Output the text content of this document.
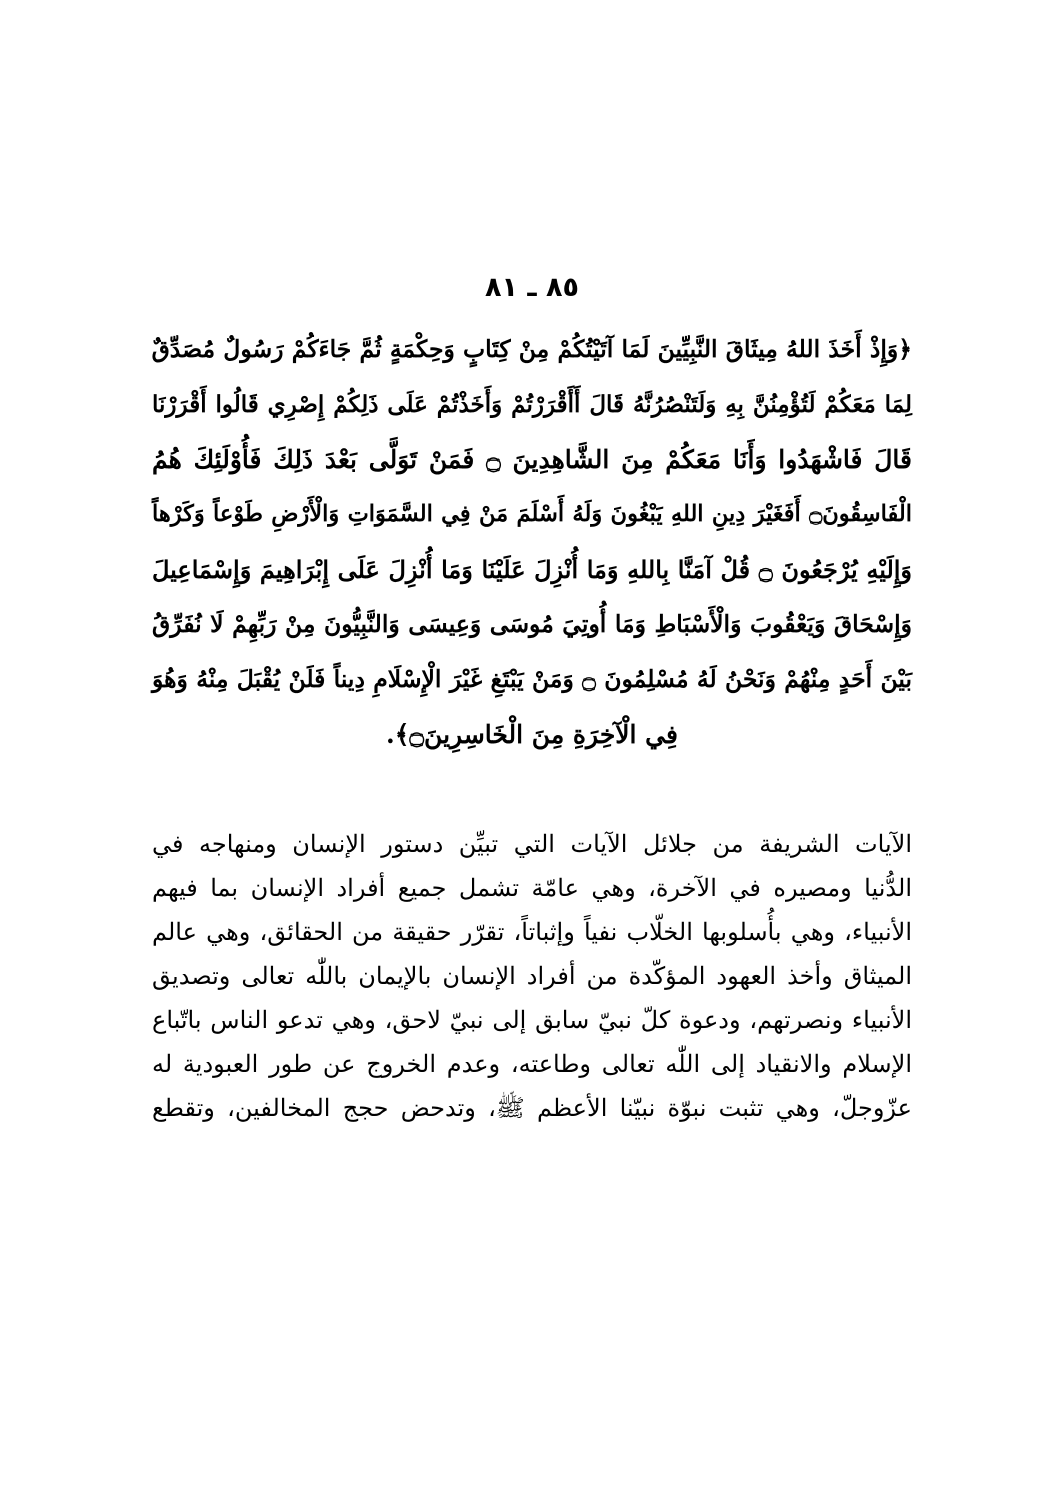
٨٥ ـ ٨١
﴿وَإِذْ أَخَذَ اللهُ مِيثَاقَ النَّبِيِّينَ لَمَا آتَيْتُكُمْ مِنْ كِتَابٍ وَحِكْمَةٍ ثُمَّ جَاءَكُمْ رَسُولٌ مُصَدِّقٌ
لِمَا مَعَكُمْ لَتُؤْمِنُنَّ بِهِ وَلَتَنْصُرُنَّهُ قَالَ أَأَقْرَرْتُمْ وَأَخَذْتُمْ عَلَى ذَلِكُمْ إِصْرِي قَالُوا أَقْرَرْنَا
قَالَ فَاشْهَدُوا وَأَنَا مَعَكُمْ مِنَ الشَّاهِدِينَ ۝ فَمَنْ تَوَلَّى بَعْدَ ذَلِكَ فَأُوْلَئِكَ هُمُ
الْفَاسِقُونَ۝ أَفَغَيْرَ دِينِ اللهِ يَبْغُونَ وَلَهُ أَسْلَمَ مَنْ فِي السَّمَوَاتِ وَالْأَرْضِ طَوْعاً وَكَرْهاً
وَإِلَيْهِ يُرْجَعُونَ ۝ قُلْ آمَنَّا بِاللهِ وَمَا أُنْزِلَ عَلَيْنَا وَمَا أُنْزِلَ عَلَى إِبْرَاهِيمَ وَإِسْمَاعِيلَ
وَإِسْحَاقَ وَيَعْقُوبَ وَالْأَسْبَاطِ وَمَا أُوتِيَ مُوسَى وَعِيسَى وَالنَّبِيُّونَ مِنْ رَبِّهِمْ لَا نُفَرِّقُ
بَيْنَ أَحَدٍ مِنْهُمْ وَنَحْنُ لَهُ مُسْلِمُونَ ۝ وَمَنْ يَبْتَغِ غَيْرَ الْإِسْلَامِ دِيناً فَلَنْ يُقْبَلَ مِنْهُ وَهُوَ
فِي الْآخِرَةِ مِنَ الْخَاسِرِينَ۝﴾.
الآيات الشريفة من جلائل الآيات التي تبيِّن دستور الإنسان ومنهاجه في
الدُّنيا ومصيره في الآخرة، وهي عامّة تشمل جميع أفراد الإنسان بما فيهم
الأنبياء، وهي بأُسلوبها الخلّاب نفياً وإثباتاً، تقرّر حقيقة من الحقائق، وهي عالم
الميثاق وأخذ العهود المؤكّدة من أفراد الإنسان بالإيمان باللّٰه تعالى وتصديق
الأنبياء ونصرتهم، ودعوة كلّ نبيّ سابق إلى نبيّ لاحق، وهي تدعو الناس باتّباع
الإسلام والانقياد إلى اللّٰه تعالى وطاعته، وعدم الخروج عن طور العبودية له
عزّوجلّ، وهي تثبت نبوّة نبيّنا الأعظم ﷺ، وتدحض حجج المخالفين، وتقطع
